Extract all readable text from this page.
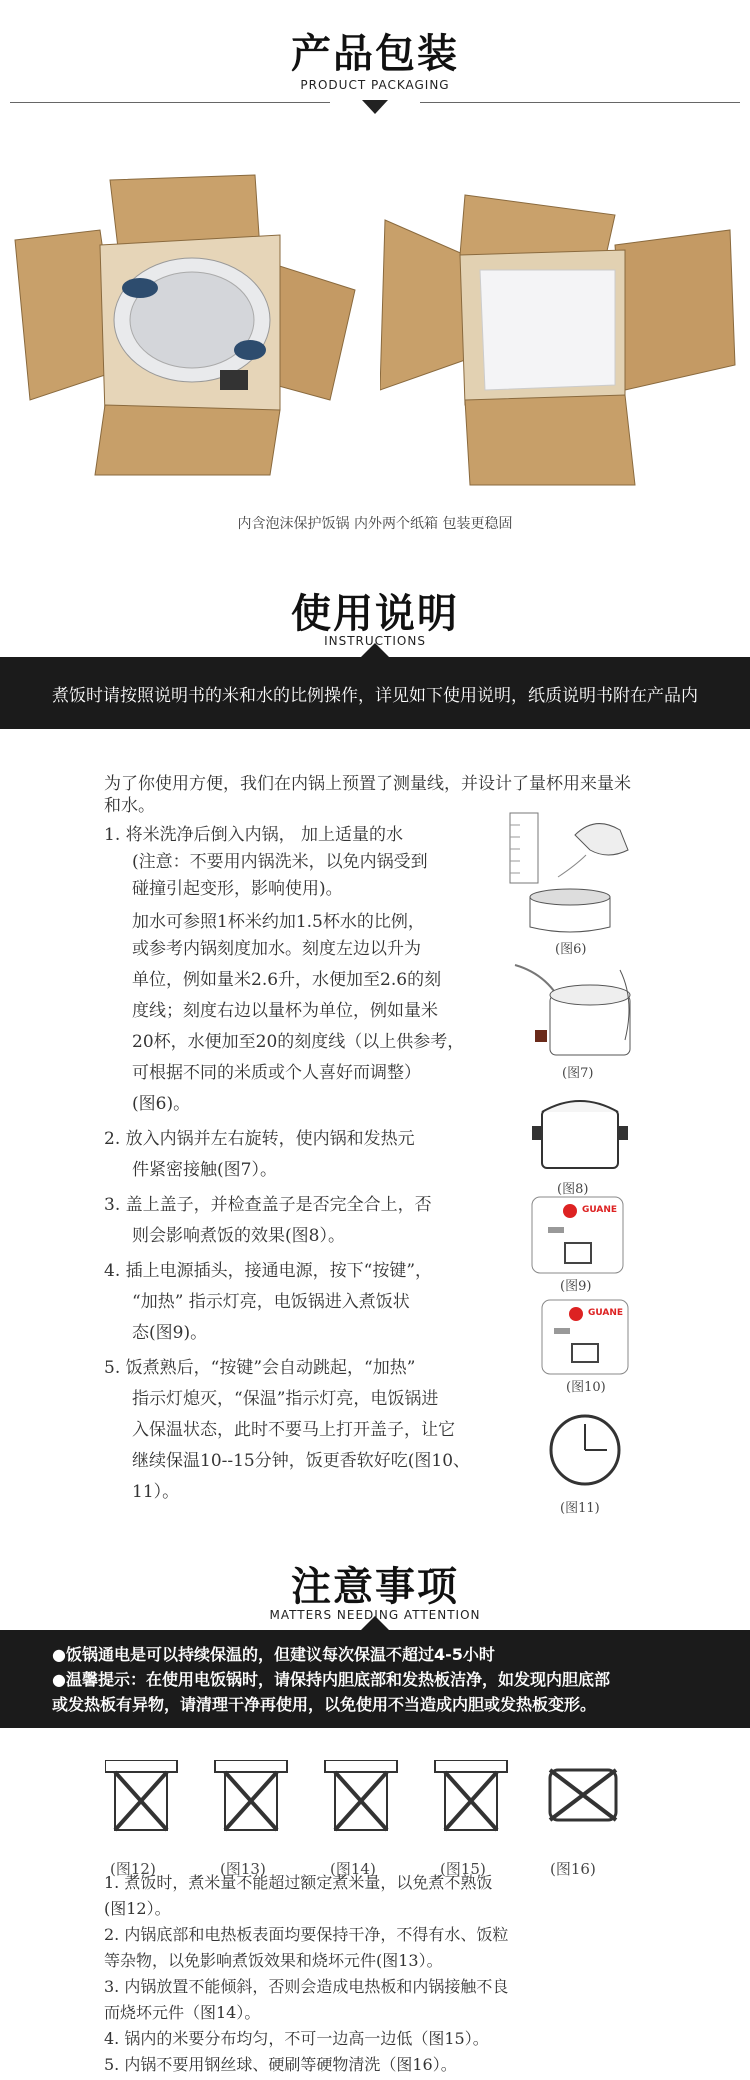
产品包装
PRODUCT PACKAGING
内含泡沫保护饭锅 内外两个纸箱 包装更稳固
使用说明
INSTRUCTIONS
煮饭时请按照说明书的米和水的比例操作，详见如下使用说明，纸质说明书附在产品内

为了你使用方便，我们在内锅上预置了测量线，并设计了量杯用来量米和水。

1. 将米洗净后倒入内锅， 加上适量的水

(注意：不要用内锅洗米，以免内锅受到

碰撞引起变形，影响使用)。

加水可参照1杯米约加1.5杯水的比例，

或参考内锅刻度加水。刻度左边以升为

单位，例如量米2.6升，水便加至2.6的刻

度线；刻度右边以量杯为单位，例如量米

20杯，水便加至20的刻度线（以上供参考，

可根据不同的米质或个人喜好而调整）

(图6)。

2. 放入内锅并左右旋转，使内锅和发热元

件紧密接触(图7）。

3. 盖上盖子，并检查盖子是否完全合上，否

则会影响煮饭的效果(图8）。

4. 插上电源插头，接通电源，按下“按键”，

“加热” 指示灯亮，电饭锅进入煮饭状

态(图9)。

5. 饭煮熟后，“按键”会自动跳起，“加热”

指示灯熄灭，“保温”指示灯亮，电饭锅进

入保温状态，此时不要马上打开盖子，让它

继续保温10--15分钟，饭更香软好吃(图10、

11）。

(图6)
(图7)
(图8)
GUANE
(图9)
GUANE
(图10)
(图11)
注意事项
MATTERS NEEDING ATTENTION
●饭锅通电是可以持续保温的，但建议每次保温不超过4-5小时
●温馨提示：在使用电饭锅时，请保持内胆底部和发热板洁净，如发现内胆底部
或发热板有异物，请清理干净再使用，以免使用不当造成内胆或发热板变形。
(图12)	(图13)	(图14)	(图15)	(图16)

1. 煮饭时，煮米量不能超过额定煮米量，以免煮不熟饭

(图12）。

2. 内锅底部和电热板表面均要保持干净，不得有水、饭粒

等杂物，以免影响煮饭效果和烧坏元件(图13）。

3. 内锅放置不能倾斜，否则会造成电热板和内锅接触不良

而烧坏元件（图14）。

4. 锅内的米要分布均匀，不可一边高一边低（图15）。

5. 内锅不要用钢丝球、硬刷等硬物清洗（图16）。
